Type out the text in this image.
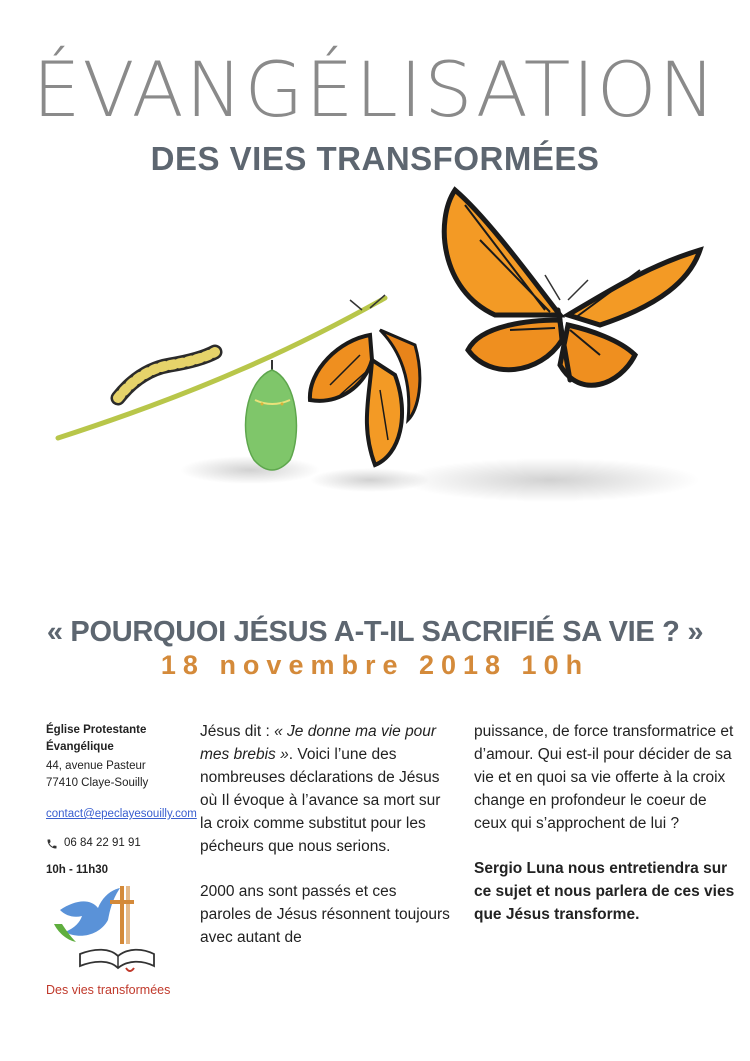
ÉVANGÉLISATION
DES VIES TRANSFORMÉES
« POURQUOI JÉSUS A-T-IL SACRIFIÉ SA VIE ? »
18 novembre 2018 10h
Église Protestante
Évangélique
44, avenue Pasteur
77410 Claye-Souilly
contact@epeclayesouilly.com
06 84 22 91 91
10h - 11h30
Des vies transformées

Jésus dit : « Je donne ma vie pour mes brebis ». Voici l’une des nombreuses déclarations de Jésus où Il évoque à l’avance sa mort sur la croix comme substitut pour les pécheurs que nous serions.

2000 ans sont passés et ces paroles de Jésus résonnent toujours avec autant de

puissance, de force transformatrice et d’amour. Qui est-il pour décider de sa vie et en quoi sa vie offerte à la croix change en profondeur le coeur de ceux qui s’approchent de lui ?

Sergio Luna nous entretiendra sur ce sujet et nous parlera de ces vies que Jésus transforme.
